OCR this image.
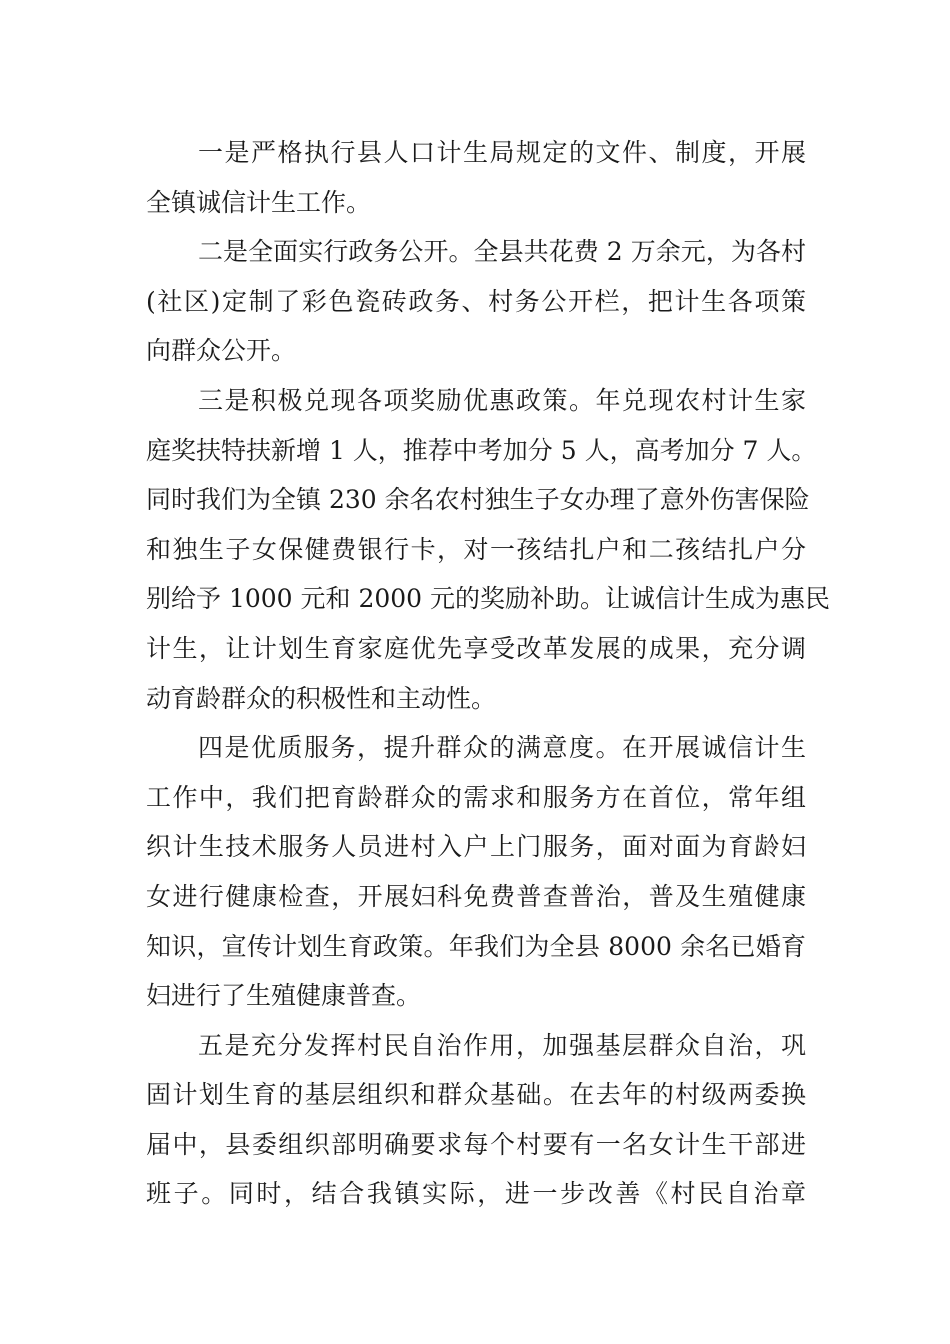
一是严格执行县人口计生局规定的文件、制度，开展

全镇诚信计生工作。

二是全面实行政务公开。全县共花费 2 万余元，为各村

(社区)定制了彩色瓷砖政务、村务公开栏，把计生各项策

向群众公开。

三是积极兑现各项奖励优惠政策。年兑现农村计生家

庭奖扶特扶新增 1 人，推荐中考加分 5 人，高考加分 7 人。

同时我们为全镇 230 余名农村独生子女办理了意外伤害保险

和独生子女保健费银行卡，对一孩结扎户和二孩结扎户分

别给予 1000 元和 2000 元的奖励补助。让诚信计生成为惠民

计生，让计划生育家庭优先享受改革发展的成果，充分调

动育龄群众的积极性和主动性。

四是优质服务，提升群众的满意度。在开展诚信计生

工作中，我们把育龄群众的需求和服务方在首位，常年组

织计生技术服务人员进村入户上门服务，面对面为育龄妇

女进行健康检查，开展妇科免费普查普治，普及生殖健康

知识，宣传计划生育政策。年我们为全县 8000 余名已婚育

妇进行了生殖健康普查。

五是充分发挥村民自治作用，加强基层群众自治，巩

固计划生育的基层组织和群众基础。在去年的村级两委换

届中，县委组织部明确要求每个村要有一名女计生干部进

班子。同时，结合我镇实际，进一步改善《村民自治章
